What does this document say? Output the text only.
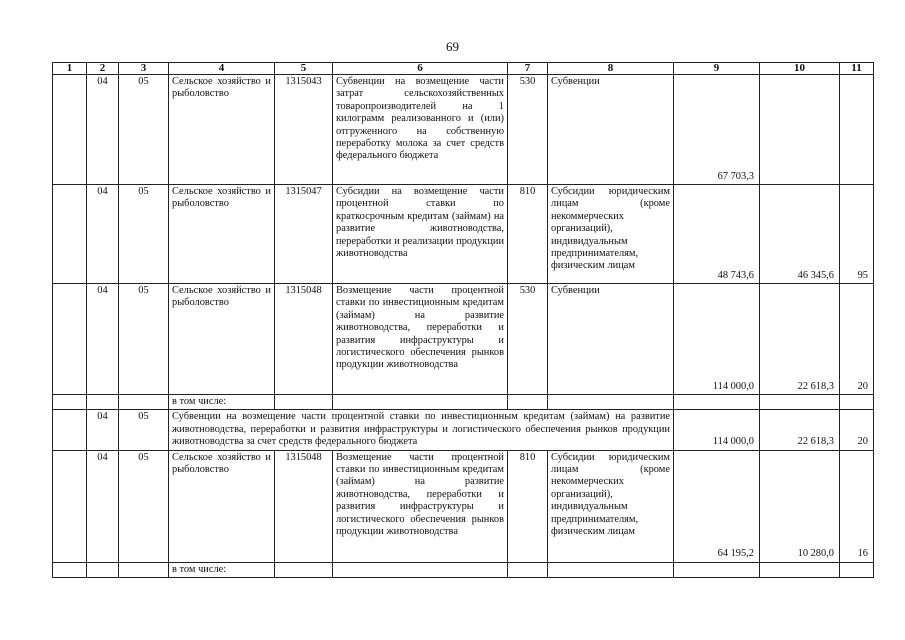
69
1	2	3	4	5	6	7	8	9	10	11
	04	05	Сельское хозяйство и рыболовство	1315043	Субвенции на возмещение части затрат сельскохозяйственных товаропроизводителей на 1 килограмм реализованного и (или) отгруженного на собственную переработку молока за счет средств федерального бюджета	530	Субвенции	67 703,3		
	04	05	Сельское хозяйство и рыболовство	1315047	Субсидии на возмещение части процентной ставки по краткосрочным кредитам (займам) на развитие животноводства, переработки и реализации продукции животноводства	810	Субсидии юридическим лицам (кроме некоммерческих организаций), индивидуальным предпринимателям, физическим лицам	48 743,6	46 345,6	95
	04	05	Сельское хозяйство и рыболовство	1315048	Возмещение части процентной ставки по инвестиционным кредитам (займам) на развитие животноводства, переработки и развития инфраструктуры и логистического обеспечения рынков продукции животноводства	530	Субвенции	114 000,0	22 618,3	20
			в том числе:							
	04	05	Субвенции на возмещение части процентной ставки по инвестиционным кредитам (займам) на развитие животноводства, переработки и развития инфраструктуры и логистического обеспечения рынков продукции животноводства за счет средств федерального бюджета					114 000,0	22 618,3	20
	04	05	Сельское хозяйство и рыболовство	1315048	Возмещение части процентной ставки по инвестиционным кредитам (займам) на развитие животноводства, переработки и развития инфраструктуры и логистического обеспечения рынков продукции животноводства	810	Субсидии юридическим лицам (кроме некоммерческих организаций), индивидуальным предпринимателям, физическим лицам	64 195,2	10 280,0	16
			в том числе:							
